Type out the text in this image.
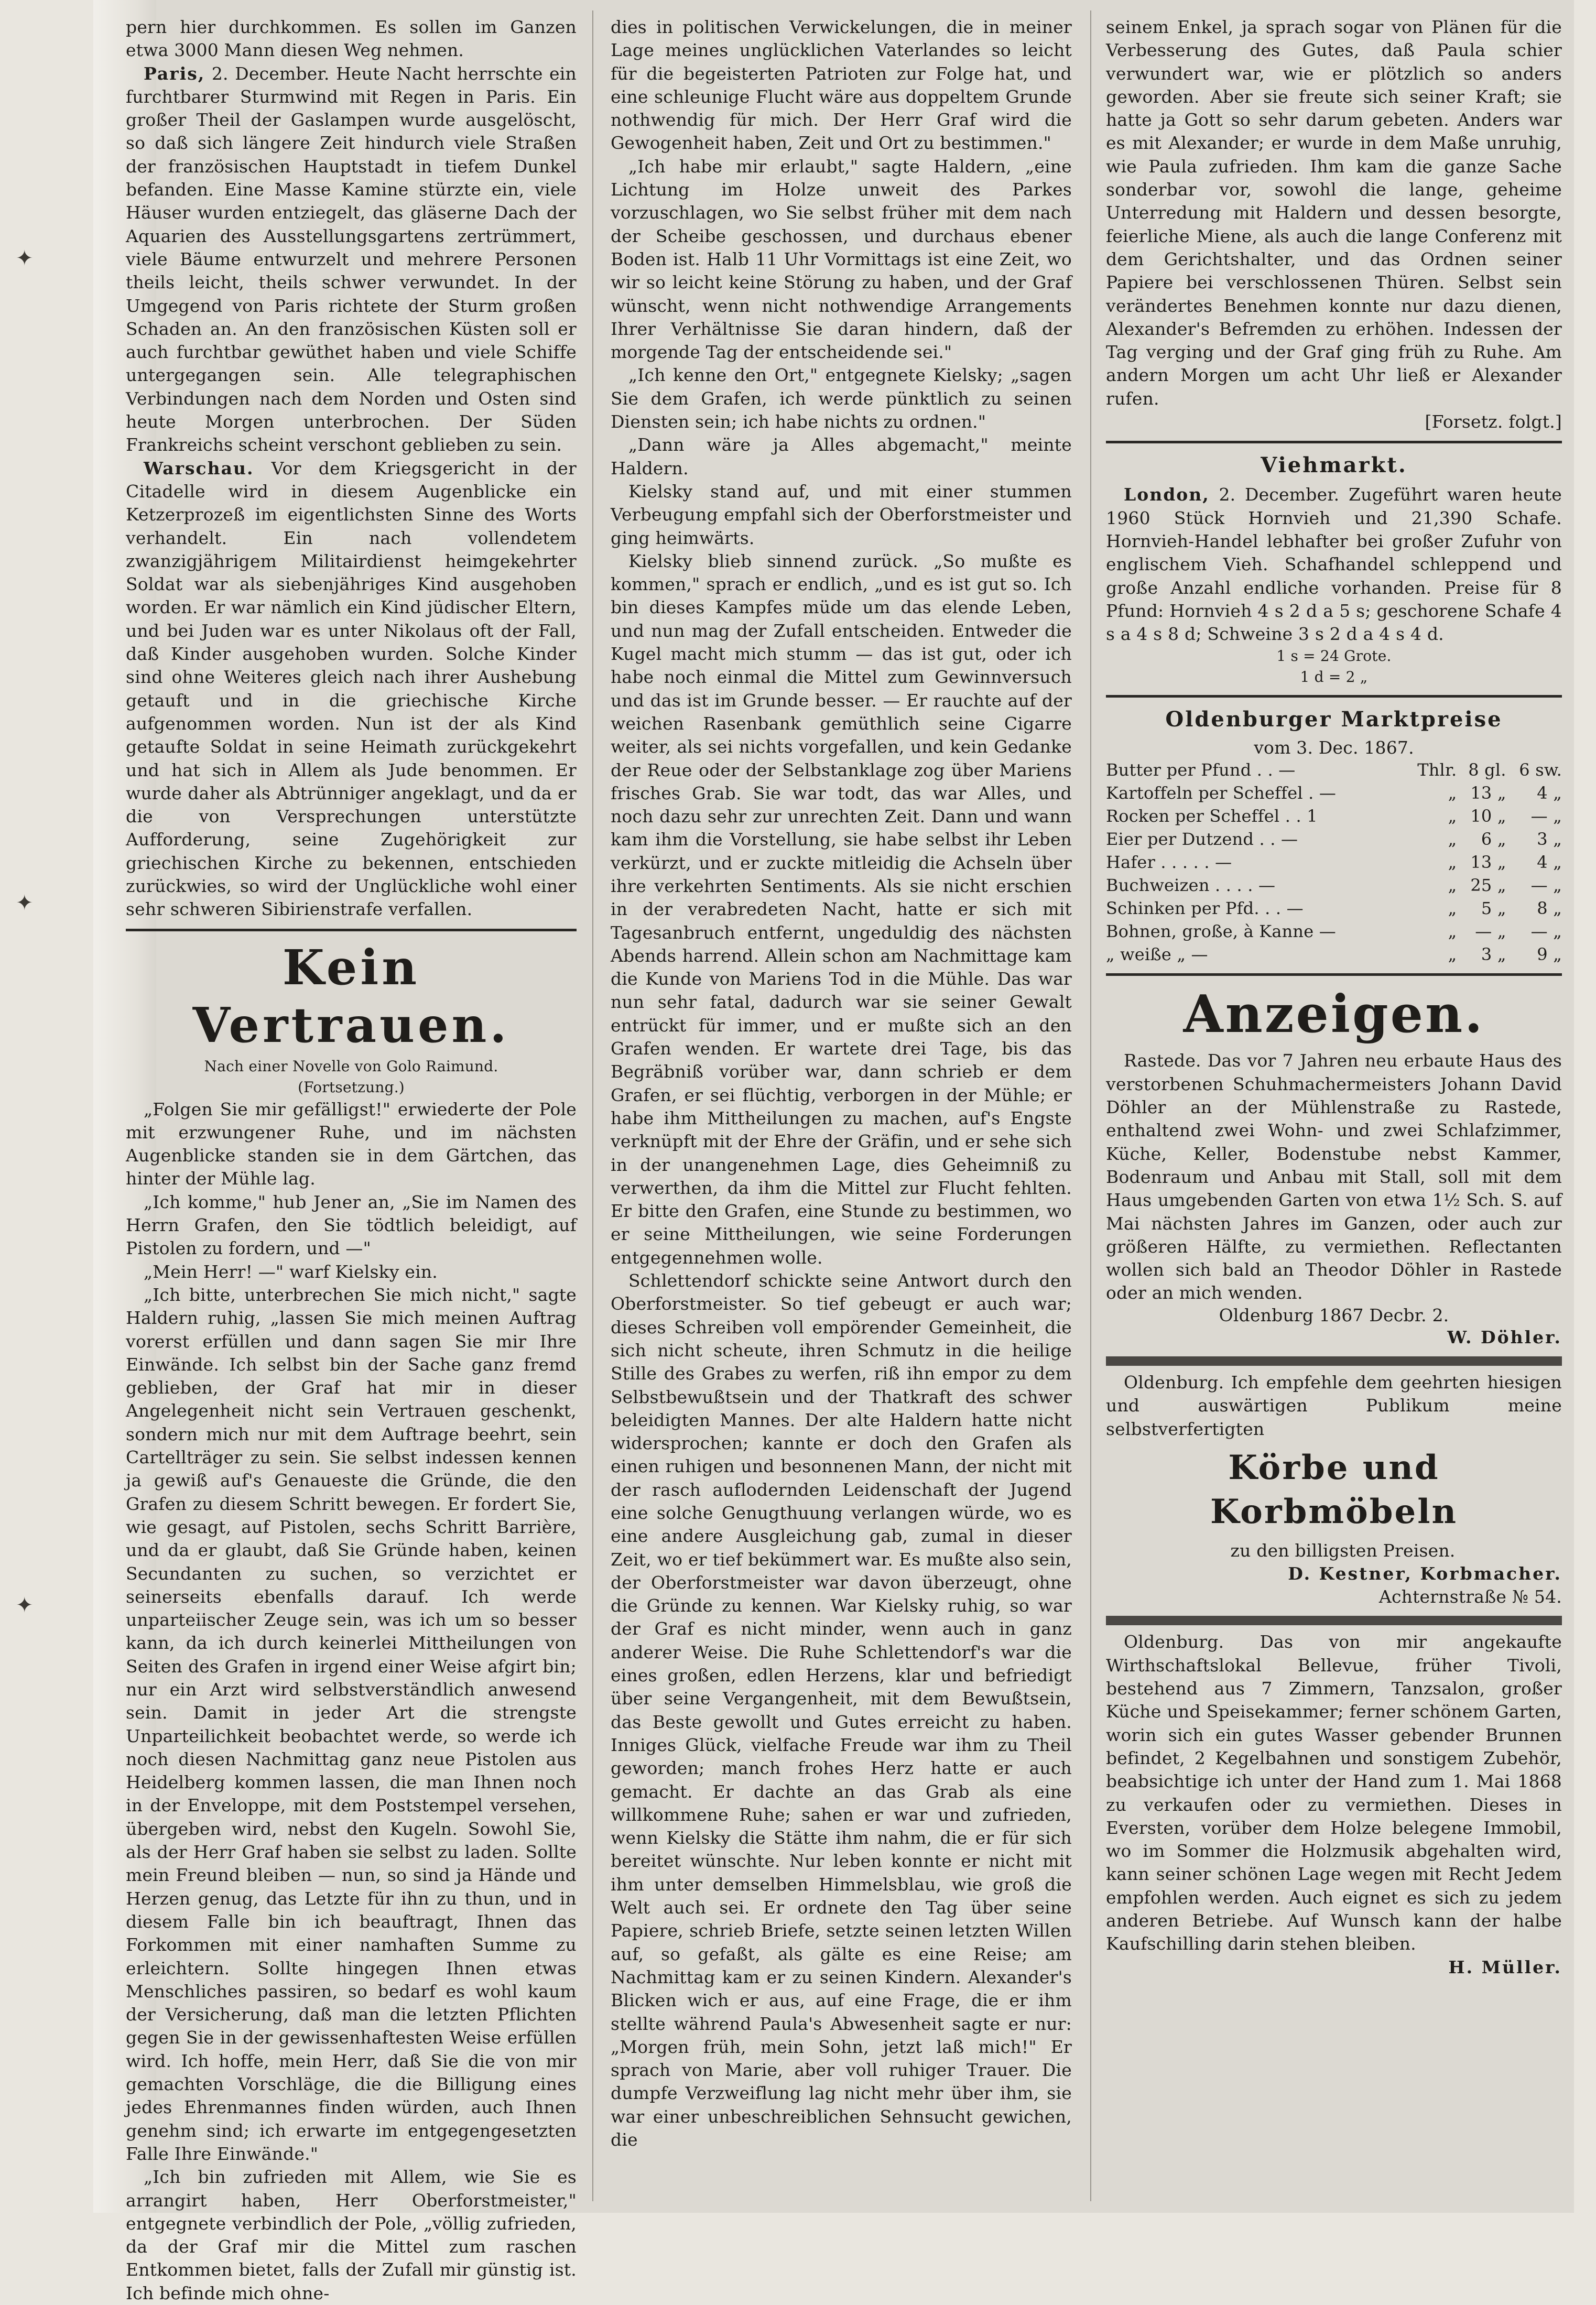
✦
✦
✦

pern hier durchkommen. Es sollen im Ganzen etwa 3000 Mann diesen Weg nehmen.

Paris, 2. December. Heute Nacht herrschte ein furchtbarer Sturmwind mit Regen in Paris. Ein großer Theil der Gaslampen wurde ausgelöscht, so daß sich längere Zeit hindurch viele Straßen der französischen Hauptstadt in tiefem Dunkel befanden. Eine Masse Kamine stürzte ein, viele Häuser wurden entziegelt, das gläserne Dach der Aquarien des Ausstellungsgartens zertrümmert, viele Bäume entwurzelt und mehrere Personen theils leicht, theils schwer verwundet. In der Umgegend von Paris richtete der Sturm großen Schaden an. An den französischen Küsten soll er auch furchtbar gewüthet haben und viele Schiffe untergegangen sein. Alle telegraphischen Verbindungen nach dem Norden und Osten sind heute Morgen unterbrochen. Der Süden Frankreichs scheint verschont geblieben zu sein.

Warschau. Vor dem Kriegsgericht in der Citadelle wird in diesem Augenblicke ein Ketzerprozeß im eigentlichsten Sinne des Worts verhandelt. Ein nach vollendetem zwanzigjährigem Militairdienst heimgekehrter Soldat war als siebenjähriges Kind ausgehoben worden. Er war nämlich ein Kind jüdischer Eltern, und bei Juden war es unter Nikolaus oft der Fall, daß Kinder ausgehoben wurden. Solche Kinder sind ohne Weiteres gleich nach ihrer Aushebung getauft und in die griechische Kirche aufgenommen worden. Nun ist der als Kind getaufte Soldat in seine Heimath zurückgekehrt und hat sich in Allem als Jude benommen. Er wurde daher als Abtrünniger angeklagt, und da er die von Versprechungen unterstützte Aufforderung, seine Zugehörigkeit zur griechischen Kirche zu bekennen, entschieden zurückwies, so wird der Unglückliche wohl einer sehr schweren Sibirienstrafe verfallen.

Kein Vertrauen.

Nach einer Novelle von Golo Raimund.

(Fortsetzung.)

„Folgen Sie mir gefälligst!" erwiederte der Pole mit erzwungener Ruhe, und im nächsten Augenblicke standen sie in dem Gärtchen, das hinter der Mühle lag.

„Ich komme," hub Jener an, „Sie im Namen des Herrn Grafen, den Sie tödtlich beleidigt, auf Pistolen zu fordern, und —"

„Mein Herr! —" warf Kielsky ein.

„Ich bitte, unterbrechen Sie mich nicht," sagte Haldern ruhig, „lassen Sie mich meinen Auftrag vorerst erfüllen und dann sagen Sie mir Ihre Einwände. Ich selbst bin der Sache ganz fremd geblieben, der Graf hat mir in dieser Angelegenheit nicht sein Vertrauen geschenkt, sondern mich nur mit dem Auftrage beehrt, sein Cartellträger zu sein. Sie selbst indessen kennen ja gewiß auf's Genaueste die Gründe, die den Grafen zu diesem Schritt bewegen. Er fordert Sie, wie gesagt, auf Pistolen, sechs Schritt Barrière, und da er glaubt, daß Sie Gründe haben, keinen Secundanten zu suchen, so verzichtet er seinerseits ebenfalls darauf. Ich werde unparteiischer Zeuge sein, was ich um so besser kann, da ich durch keinerlei Mittheilungen von Seiten des Grafen in irgend einer Weise afgirt bin; nur ein Arzt wird selbstverständlich anwesend sein. Damit in jeder Art die strengste Unparteilichkeit beobachtet werde, so werde ich noch diesen Nachmittag ganz neue Pistolen aus Heidelberg kommen lassen, die man Ihnen noch in der Enveloppe, mit dem Poststempel versehen, übergeben wird, nebst den Kugeln. Sowohl Sie, als der Herr Graf haben sie selbst zu laden. Sollte mein Freund bleiben — nun, so sind ja Hände und Herzen genug, das Letzte für ihn zu thun, und in diesem Falle bin ich beauftragt, Ihnen das Forkommen mit einer namhaften Summe zu erleichtern. Sollte hingegen Ihnen etwas Menschliches passiren, so bedarf es wohl kaum der Versicherung, daß man die letzten Pflichten gegen Sie in der gewissenhaftesten Weise erfüllen wird. Ich hoffe, mein Herr, daß Sie die von mir gemachten Vorschläge, die die Billigung eines jedes Ehrenmannes finden würden, auch Ihnen genehm sind; ich erwarte im entgegengesetzten Falle Ihre Einwände."

„Ich bin zufrieden mit Allem, wie Sie es arrangirt haben, Herr Oberforstmeister," entgegnete verbindlich der Pole, „völlig zufrieden, da der Graf mir die Mittel zum raschen Entkommen bietet, falls der Zufall mir günstig ist. Ich befinde mich ohne-

dies in politischen Verwickelungen, die in meiner Lage meines unglücklichen Vaterlandes so leicht für die begeisterten Patrioten zur Folge hat, und eine schleunige Flucht wäre aus doppeltem Grunde nothwendig für mich. Der Herr Graf wird die Gewogenheit haben, Zeit und Ort zu bestimmen."

„Ich habe mir erlaubt," sagte Haldern, „eine Lichtung im Holze unweit des Parkes vorzuschlagen, wo Sie selbst früher mit dem nach der Scheibe geschossen, und durchaus ebener Boden ist. Halb 11 Uhr Vormittags ist eine Zeit, wo wir so leicht keine Störung zu haben, und der Graf wünscht, wenn nicht nothwendige Arrangements Ihrer Verhältnisse Sie daran hindern, daß der morgende Tag der entscheidende sei."

„Ich kenne den Ort," entgegnete Kielsky; „sagen Sie dem Grafen, ich werde pünktlich zu seinen Diensten sein; ich habe nichts zu ordnen."

„Dann wäre ja Alles abgemacht," meinte Haldern.

Kielsky stand auf, und mit einer stummen Verbeugung empfahl sich der Oberforstmeister und ging heimwärts.

Kielsky blieb sinnend zurück. „So mußte es kommen," sprach er endlich, „und es ist gut so. Ich bin dieses Kampfes müde um das elende Leben, und nun mag der Zufall entscheiden. Entweder die Kugel macht mich stumm — das ist gut, oder ich habe noch einmal die Mittel zum Gewinnversuch und das ist im Grunde besser. — Er rauchte auf der weichen Rasenbank gemüthlich seine Cigarre weiter, als sei nichts vorgefallen, und kein Gedanke der Reue oder der Selbstanklage zog über Mariens frisches Grab. Sie war todt, das war Alles, und noch dazu sehr zur unrechten Zeit. Dann und wann kam ihm die Vorstellung, sie habe selbst ihr Leben verkürzt, und er zuckte mitleidig die Achseln über ihre verkehrten Sentiments. Als sie nicht erschien in der verabredeten Nacht, hatte er sich mit Tagesanbruch entfernt, ungeduldig des nächsten Abends harrend. Allein schon am Nachmittage kam die Kunde von Mariens Tod in die Mühle. Das war nun sehr fatal, dadurch war sie seiner Gewalt entrückt für immer, und er mußte sich an den Grafen wenden. Er wartete drei Tage, bis das Begräbniß vorüber war, dann schrieb er dem Grafen, er sei flüchtig, verborgen in der Mühle; er habe ihm Mittheilungen zu machen, auf's Engste verknüpft mit der Ehre der Gräfin, und er sehe sich in der unangenehmen Lage, dies Geheimniß zu verwerthen, da ihm die Mittel zur Flucht fehlten. Er bitte den Grafen, eine Stunde zu bestimmen, wo er seine Mittheilungen, wie seine Forderungen entgegennehmen wolle.

Schlettendorf schickte seine Antwort durch den Oberforstmeister. So tief gebeugt er auch war; dieses Schreiben voll empörender Gemeinheit, die sich nicht scheute, ihren Schmutz in die heilige Stille des Grabes zu werfen, riß ihn empor zu dem Selbstbewußtsein und der Thatkraft des schwer beleidigten Mannes. Der alte Haldern hatte nicht widersprochen; kannte er doch den Grafen als einen ruhigen und besonnenen Mann, der nicht mit der rasch auflodernden Leidenschaft der Jugend eine solche Genugthuung verlangen würde, wo es eine andere Ausgleichung gab, zumal in dieser Zeit, wo er tief bekümmert war. Es mußte also sein, der Oberforstmeister war davon überzeugt, ohne die Gründe zu kennen. War Kielsky ruhig, so war der Graf es nicht minder, wenn auch in ganz anderer Weise. Die Ruhe Schlettendorf's war die eines großen, edlen Herzens, klar und befriedigt über seine Vergangenheit, mit dem Bewußtsein, das Beste gewollt und Gutes erreicht zu haben. Inniges Glück, vielfache Freude war ihm zu Theil geworden; manch frohes Herz hatte er auch gemacht. Er dachte an das Grab als eine willkommene Ruhe; sahen er war und zufrieden, wenn Kielsky die Stätte ihm nahm, die er für sich bereitet wünschte. Nur leben konnte er nicht mit ihm unter demselben Himmelsblau, wie groß die Welt auch sei. Er ordnete den Tag über seine Papiere, schrieb Briefe, setzte seinen letzten Willen auf, so gefaßt, als gälte es eine Reise; am Nachmittag kam er zu seinen Kindern. Alexander's Blicken wich er aus, auf eine Frage, die er ihm stellte während Paula's Abwesenheit sagte er nur: „Morgen früh, mein Sohn, jetzt laß mich!" Er sprach von Marie, aber voll ruhiger Trauer. Die dumpfe Verzweiflung lag nicht mehr über ihm, sie war einer unbeschreiblichen Sehnsucht gewichen, die

seinem Enkel, ja sprach sogar von Plänen für die Verbesserung des Gutes, daß Paula schier verwundert war, wie er plötzlich so anders geworden. Aber sie freute sich seiner Kraft; sie hatte ja Gott so sehr darum gebeten. Anders war es mit Alexander; er wurde in dem Maße unruhig, wie Paula zufrieden. Ihm kam die ganze Sache sonderbar vor, sowohl die lange, geheime Unterredung mit Haldern und dessen besorgte, feierliche Miene, als auch die lange Conferenz mit dem Gerichtshalter, und das Ordnen seiner Papiere bei verschlossenen Thüren. Selbst sein verändertes Benehmen konnte nur dazu dienen, Alexander's Befremden zu erhöhen. Indessen der Tag verging und der Graf ging früh zu Ruhe. Am andern Morgen um acht Uhr ließ er Alexander rufen.

[Forsetz. folgt.]

Viehmarkt.

London, 2. December. Zugeführt waren heute 1960 Stück Hornvieh und 21,390 Schafe. Hornvieh-Handel lebhafter bei großer Zufuhr von englischem Vieh. Schafhandel schleppend und große Anzahl endliche vorhanden. Preise für 8 Pfund: Hornvieh 4 s 2 d a 5 s; geschorene Schafe 4 s a 4 s 8 d; Schweine 3 s 2 d a 4 s 4 d.

1 s = 24 Grote.

1 d = 2 „

Oldenburger Marktpreise

vom 3. Dec. 1867.

Butter per Pfund . . —	Thlr.	8 gl.	6 sw.
Kartoffeln per Scheffel . —	„	13 „	4 „
Rocken per Scheffel . . 1	„	10 „	— „
Eier per Dutzend . . —	„	6 „	3 „
Hafer . . . . . —	„	13 „	4 „
Buchweizen . . . . —	„	25 „	— „
Schinken per Pfd. . . —	„	5 „	8 „
Bohnen, große, à Kanne —	„	— „	— „
„ weiße „ —	„	3 „	9 „
Anzeigen.

Rastede. Das vor 7 Jahren neu erbaute Haus des verstorbenen Schuhmachermeisters Johann David Döhler an der Mühlenstraße zu Rastede, enthaltend zwei Wohn- und zwei Schlafzimmer, Küche, Keller, Bodenstube nebst Kammer, Bodenraum und Anbau mit Stall, soll mit dem Haus umgebenden Garten von etwa 1½ Sch. S. auf Mai nächsten Jahres im Ganzen, oder auch zur größeren Hälfte, zu vermiethen. Reflectanten wollen sich bald an Theodor Döhler in Rastede oder an mich wenden.

Oldenburg 1867 Decbr. 2.

W. Döhler.

Oldenburg. Ich empfehle dem geehrten hiesigen und auswärtigen Publikum meine selbstverfertigten

Körbe und Korbmöbeln

zu den billigsten Preisen.

D. Kestner, Korbmacher.

Achternstraße № 54.

Oldenburg. Das von mir angekaufte Wirthschaftslokal Bellevue, früher Tivoli, bestehend aus 7 Zimmern, Tanzsalon, großer Küche und Speisekammer; ferner schönem Garten, worin sich ein gutes Wasser gebender Brunnen befindet, 2 Kegelbahnen und sonstigem Zubehör, beabsichtige ich unter der Hand zum 1. Mai 1868 zu verkaufen oder zu vermiethen. Dieses in Eversten, vorüber dem Holze belegene Immobil, wo im Sommer die Holzmusik abgehalten wird, kann seiner schönen Lage wegen mit Recht Jedem empfohlen werden. Auch eignet es sich zu jedem anderen Betriebe. Auf Wunsch kann der halbe Kaufschilling darin stehen bleiben.

H. Müller.
